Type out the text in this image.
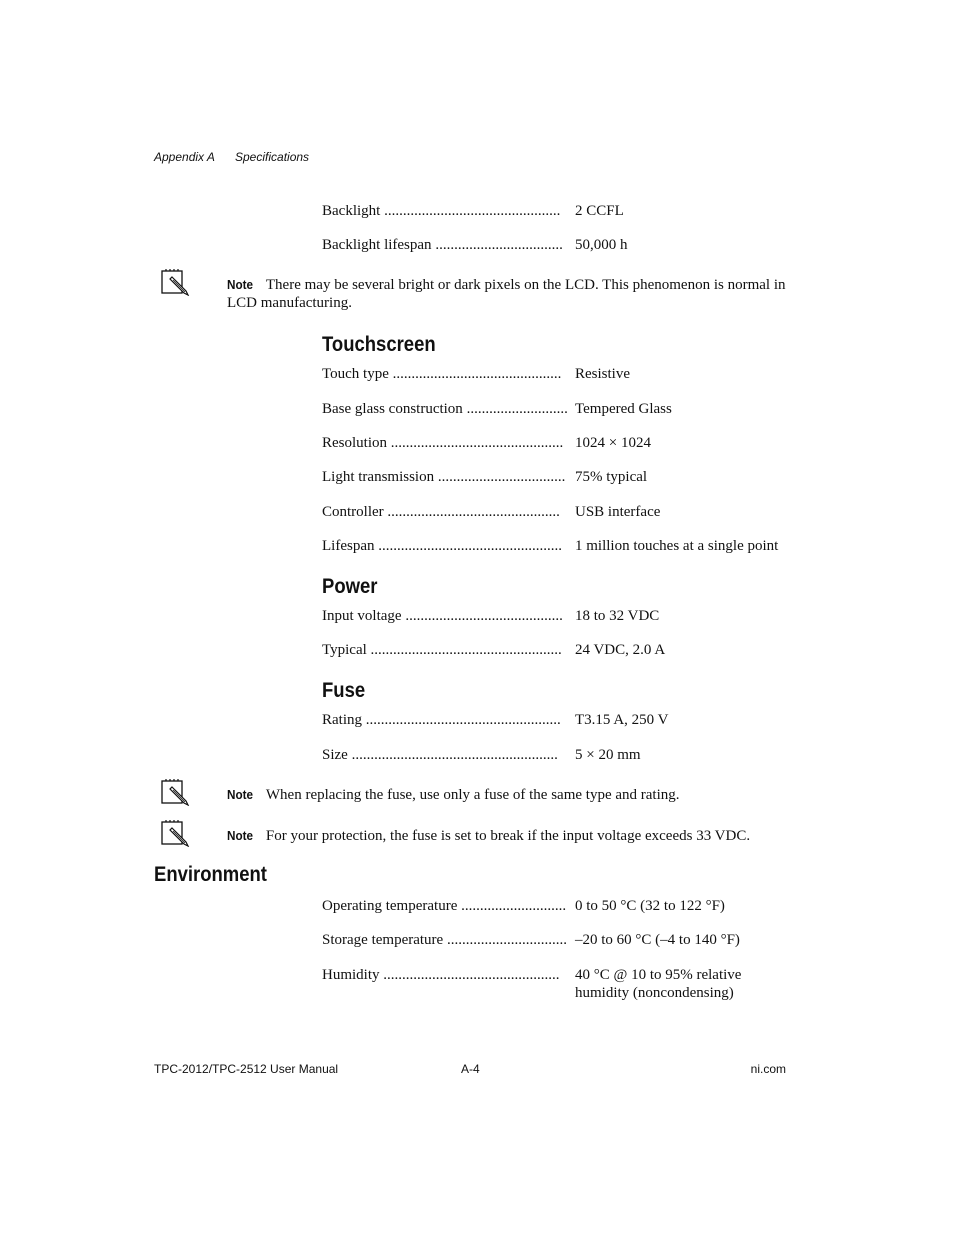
Appendix A Specifications
Backlight ............................................... 2 CCFL
Backlight lifespan .................................. 50,000 h
Note There may be several bright or dark pixels on the LCD. This phenomenon is normal in LCD manufacturing.
Touchscreen
Touch type ............................................. Resistive
Base glass construction ........................... Tempered Glass
Resolution .............................................. 1024 × 1024
Light transmission .................................. 75% typical
Controller ..............................................	USB interface
Lifespan ................................................. 1 million touches at a single point
Power
Input voltage .......................................... 18 to 32 VDC
Typical ................................................... 24 VDC, 2.0 A
Fuse
Rating .................................................... T3.15 A, 250 V
Size .......................................................	5 × 20 mm
Note When replacing the fuse, use only a fuse of the same type and rating.
Note For your protection, the fuse is set to break if the input voltage exceeds 33 VDC.
Environment
Operating temperature ............................ 0 to 50 °C (32 to 122 °F)
Storage temperature ................................ –20 to 60 °C (–4 to 140 °F)
Humidity ...............................................	40 °C @ 10 to 95% relative humidity (noncondensing)
TPC-2012/TPC-2512 User Manual	A-4	ni.com
